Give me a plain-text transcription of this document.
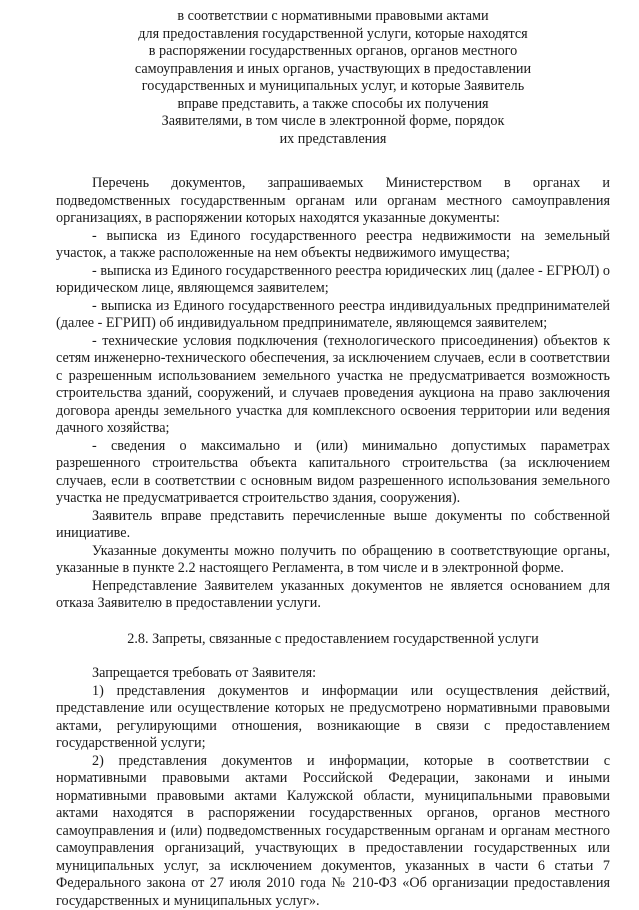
в соответствии с нормативными правовыми актами
для предоставления государственной услуги, которые находятся
в распоряжении государственных органов, органов местного
самоуправления и иных органов, участвующих в предоставлении
государственных и муниципальных услуг, и которые Заявитель
вправе представить, а также способы их получения
Заявителями, в том числе в электронной форме, порядок
их представления

Перечень документов, запрашиваемых Министерством в органах и подведомственных государственным органам или органам местного самоуправления организациях, в распоряжении которых находятся указанные документы:

- выписка из Единого государственного реестра недвижимости на земельный участок, а также расположенные на нем объекты недвижимого имущества;

- выписка из Единого государственного реестра юридических лиц (далее - ЕГРЮЛ) о юридическом лице, являющемся заявителем;

- выписка из Единого государственного реестра индивидуальных предпринимателей (далее - ЕГРИП) об индивидуальном предпринимателе, являющемся заявителем;

- технические условия подключения (технологического присоединения) объектов к сетям инженерно-технического обеспечения, за исключением случаев, если в соответствии с разрешенным использованием земельного участка не предусматривается возможность строительства зданий, сооружений, и случаев проведения аукциона на право заключения договора аренды земельного участка для комплексного освоения территории или ведения дачного хозяйства;

- сведения о максимально и (или) минимально допустимых параметрах разрешенного строительства объекта капитального строительства (за исключением случаев, если в соответствии с основным видом разрешенного использования земельного участка не предусматривается строительство здания, сооружения).

Заявитель вправе представить перечисленные выше документы по собственной инициативе.

Указанные документы можно получить по обращению в соответствующие органы, указанные в пункте 2.2 настоящего Регламента, в том числе и в электронной форме.

Непредставление Заявителем указанных документов не является основанием для отказа Заявителю в предоставлении услуги.

2.8. Запреты, связанные с предоставлением государственной услуги

Запрещается требовать от Заявителя:

1) представления документов и информации или осуществления действий, представление или осуществление которых не предусмотрено нормативными правовыми актами, регулирующими отношения, возникающие в связи с предоставлением государственной услуги;

2) представления документов и информации, которые в соответствии с нормативными правовыми актами Российской Федерации, законами и иными нормативными правовыми актами Калужской области, муниципальными правовыми актами находятся в распоряжении государственных органов, органов местного самоуправления и (или) подведомственных государственным органам и органам местного самоуправления организаций, участвующих в предоставлении государственных или муниципальных услуг, за исключением документов, указанных в части 6 статьи 7 Федерального закона от 27 июля 2010 года № 210-ФЗ «Об организации предоставления государственных и муниципальных услуг».
